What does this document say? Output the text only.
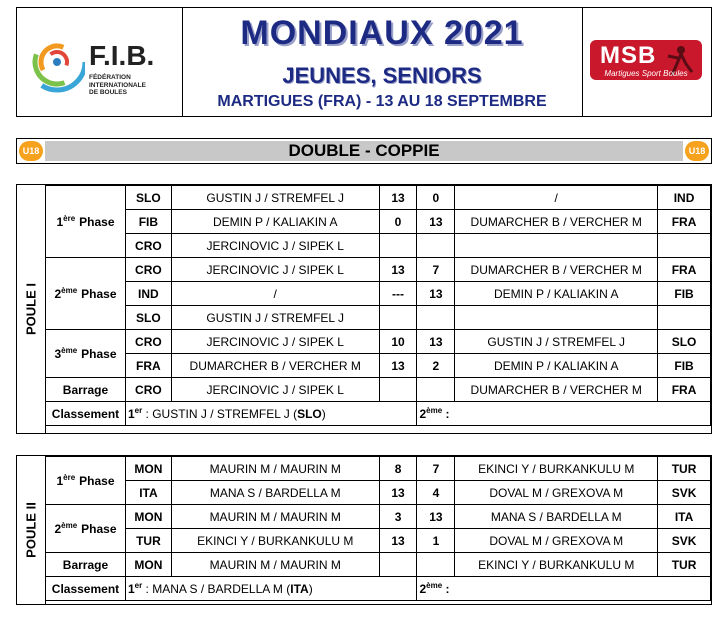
F.I.B.
FÉDÉRATION
INTERNATIONALE
DE BOULES
MONDIAUX 2021
JEUNES, SENIORS
MARTIGUES (FRA) - 13 AU 18 SEPTEMBRE
MSB
Martigues Sport Boules
U18	DOUBLE - COPPIE	U18
POULE I
1ère Phase	SLO	GUSTIN J / STREMFEL J	13	0	/	IND
	FIB	DEMIN P / KALIAKIN A	0	13	DUMARCHER B / VERCHER M	FRA
	CRO	JERCINOVIC J / SIPEK L				
2ème Phase	CRO	JERCINOVIC J / SIPEK L	13	7	DUMARCHER B / VERCHER M	FRA
	IND	/	---	13	DEMIN P / KALIAKIN A	FIB
	SLO	GUSTIN J / STREMFEL J				
3ème Phase	CRO	JERCINOVIC J / SIPEK L	10	13	GUSTIN J / STREMFEL J	SLO
	FRA	DUMARCHER B / VERCHER M	13	2	DEMIN P / KALIAKIN A	FIB
Barrage	CRO	JERCINOVIC J / SIPEK L			DUMARCHER B / VERCHER M	FRA
Classement	1er : GUSTIN J / STREMFEL J (SLO)			2ème :		
POULE II
1ère Phase	MON	MAURIN M / MAURIN M	8	7	EKINCI Y / BURKANKULU M	TUR
	ITA	MANA S / BARDELLA M	13	4	DOVAL M / GREXOVA M	SVK
2ème Phase	MON	MAURIN M / MAURIN M	3	13	MANA S / BARDELLA M	ITA
	TUR	EKINCI Y / BURKANKULU M	13	1	DOVAL M / GREXOVA M	SVK
Barrage	MON	MAURIN M / MAURIN M			EKINCI Y / BURKANKULU M	TUR
Classement	1er : MANA S / BARDELLA M (ITA)			2ème :		
